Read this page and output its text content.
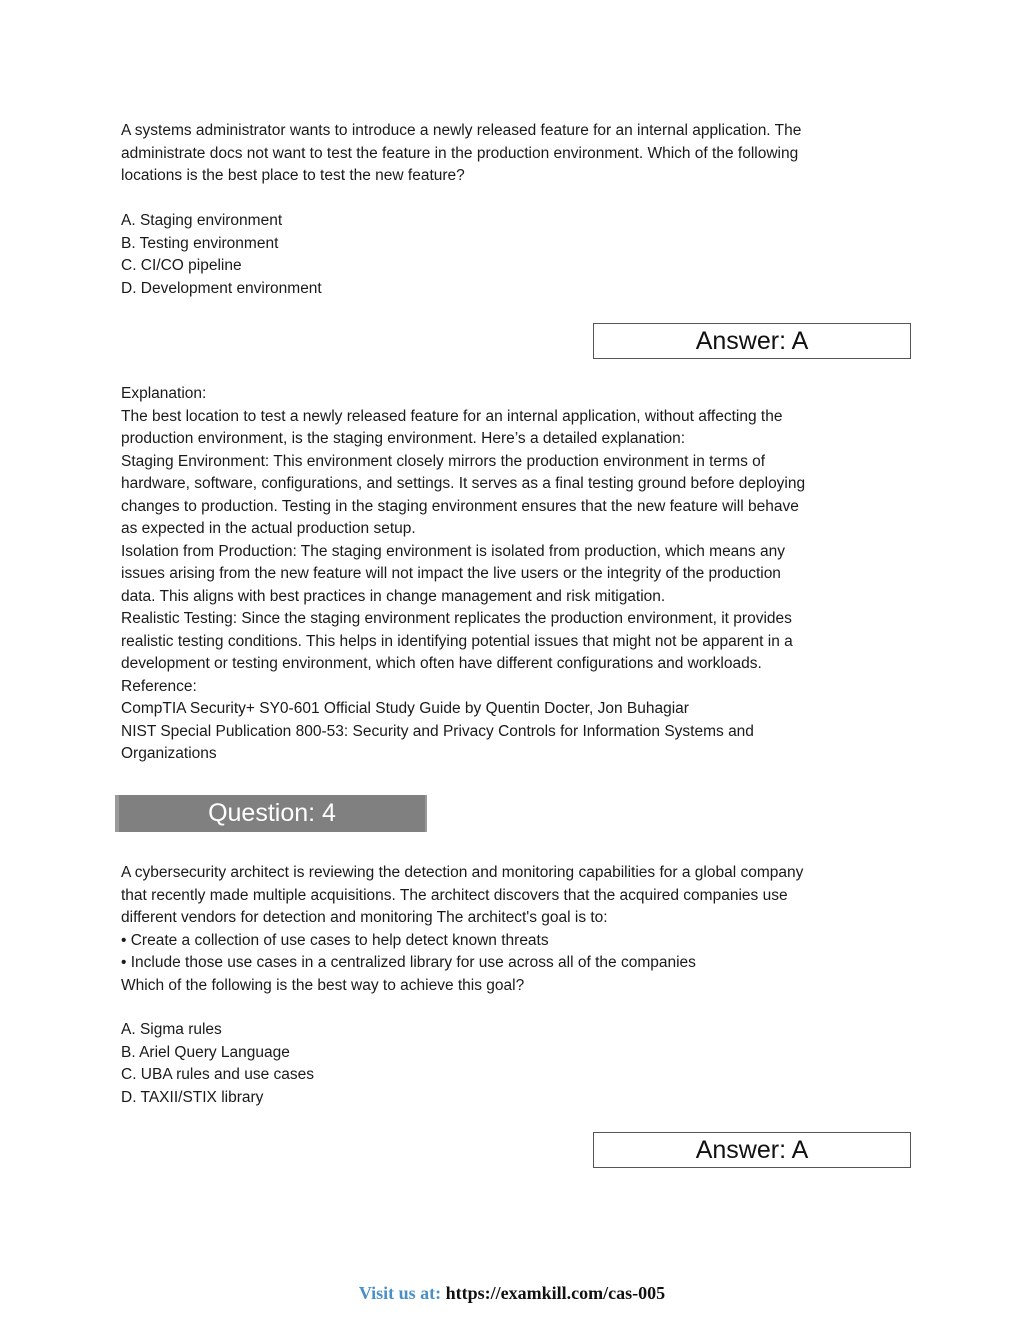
A systems administrator wants to introduce a newly released feature for an internal application. The
administrate docs not want to test the feature in the production environment. Which of the following
locations is the best place to test the new feature?
A. Staging environment
B. Testing environment
C. CI/CO pipeline
D. Development environment
Answer: A
Explanation:
The best location to test a newly released feature for an internal application, without affecting the
production environment, is the staging environment. Here’s a detailed explanation:
Staging Environment: This environment closely mirrors the production environment in terms of
hardware, software, configurations, and settings. It serves as a final testing ground before deploying
changes to production. Testing in the staging environment ensures that the new feature will behave
as expected in the actual production setup.
Isolation from Production: The staging environment is isolated from production, which means any
issues arising from the new feature will not impact the live users or the integrity of the production
data. This aligns with best practices in change management and risk mitigation.
Realistic Testing: Since the staging environment replicates the production environment, it provides
realistic testing conditions. This helps in identifying potential issues that might not be apparent in a
development or testing environment, which often have different configurations and workloads.
Reference:
CompTIA Security+ SY0-601 Official Study Guide by Quentin Docter, Jon Buhagiar
NIST Special Publication 800-53: Security and Privacy Controls for Information Systems and
Organizations
Question: 4
A cybersecurity architect is reviewing the detection and monitoring capabilities for a global company
that recently made multiple acquisitions. The architect discovers that the acquired companies use
different vendors for detection and monitoring The architect's goal is to:
• Create a collection of use cases to help detect known threats
• Include those use cases in a centralized library for use across all of the companies
Which of the following is the best way to achieve this goal?
A. Sigma rules
B. Ariel Query Language
C. UBA rules and use cases
D. TAXII/STIX library
Answer: A
Visit us at: https://examkill.com/cas-005
